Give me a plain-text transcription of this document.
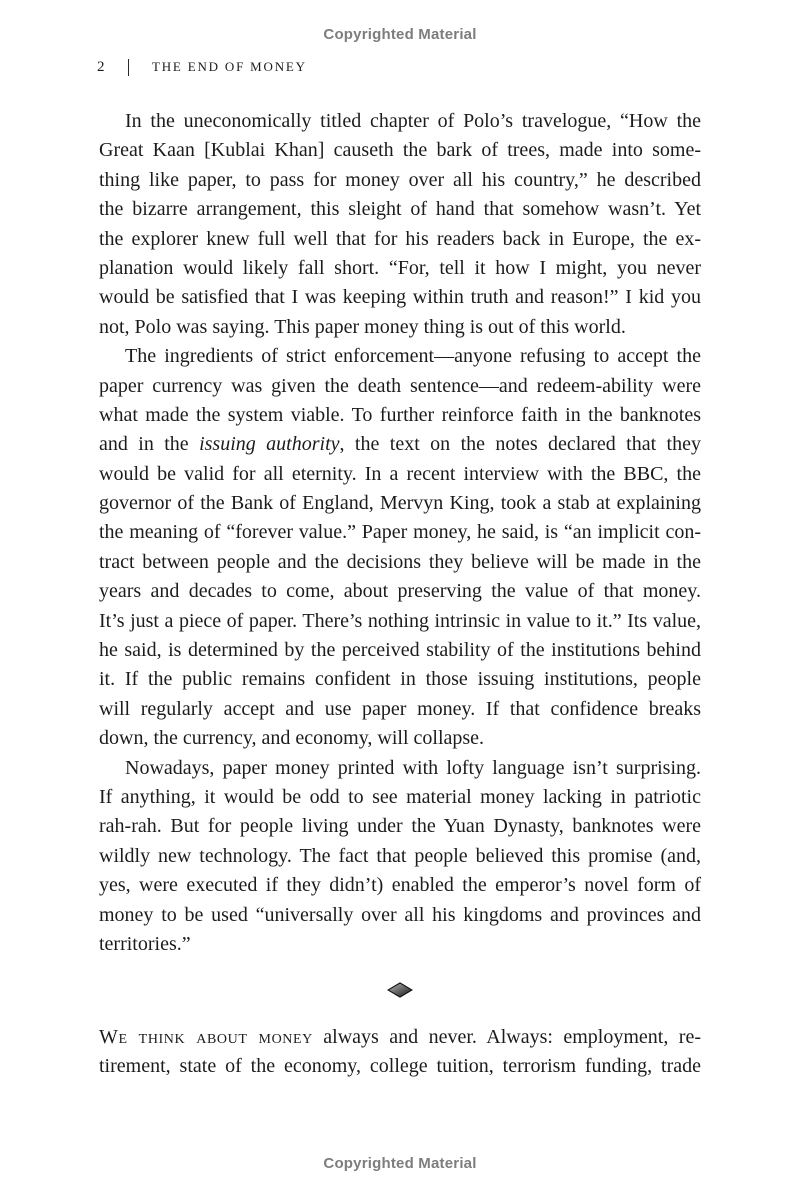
Copyrighted Material
2	THE END OF MONEY
In the uneconomically titled chapter of Polo’s travelogue, “How the
Great Kaan [Kublai Khan] causeth the bark of trees, made into some-
thing like paper, to pass for money over all his country,” he described
the bizarre arrangement, this sleight of hand that somehow wasn’t. Yet
the explorer knew full well that for his readers back in Europe, the ex-
planation would likely fall short. “For, tell it how I might, you never
would be satisfied that I was keeping within truth and reason!” I kid you
not, Polo was saying. This paper money thing is out of this world.
The ingredients of strict enforcement—anyone refusing to accept the
paper currency was given the death sentence—and redeem-ability were
what made the system viable. To further reinforce faith in the banknotes
and in the issuing authority, the text on the notes declared that they
would be valid for all eternity. In a recent interview with the BBC, the
governor of the Bank of England, Mervyn King, took a stab at explaining
the meaning of “forever value.” Paper money, he said, is “an implicit con-
tract between people and the decisions they believe will be made in the
years and decades to come, about preserving the value of that money.
It’s just a piece of paper. There’s nothing intrinsic in value to it.” Its value,
he said, is determined by the perceived stability of the institutions behind
it. If the public remains confident in those issuing institutions, people
will regularly accept and use paper money. If that confidence breaks
down, the currency, and economy, will collapse.
Nowadays, paper money printed with lofty language isn’t surprising.
If anything, it would be odd to see material money lacking in patriotic
rah-rah. But for people living under the Yuan Dynasty, banknotes were
wildly new technology. The fact that people believed this promise (and,
yes, were executed if they didn’t) enabled the emperor’s novel form of
money to be used “universally over all his kingdoms and provinces and
territories.”
We think about money always and never. Always: employment, re-
tirement, state of the economy, college tuition, terrorism funding, trade
Copyrighted Material
